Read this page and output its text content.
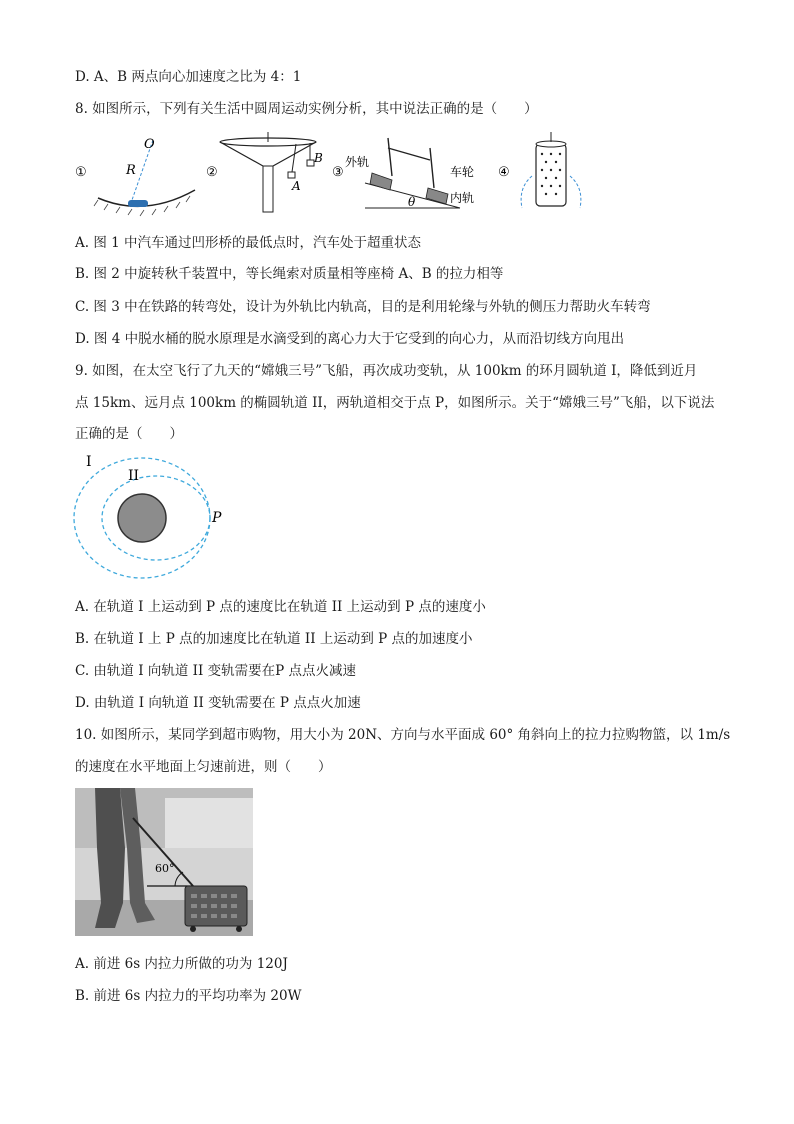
D. A、B 两点向心加速度之比为 4：1
8. 如图所示，下列有关生活中圆周运动实例分析，其中说法正确的是（　　）
①
O
R	②
A
B
③
θ
外轨
车轮
内轨
④
A. 图 1 中汽车通过凹形桥的最低点时，汽车处于超重状态
B. 图 2 中旋转秋千装置中，等长绳索对质量相等座椅 A、B 的拉力相等
C. 图 3 中在铁路的转弯处，设计为外轨比内轨高，目的是利用轮缘与外轨的侧压力帮助火车转弯
D. 图 4 中脱水桶的脱水原理是水滴受到的离心力大于它受到的向心力，从而沿切线方向甩出
9. 如图，在太空飞行了九天的“嫦娥三号”飞船，再次成功变轨，从 100km 的环月圆轨道 I，降低到近月
点 15km、远月点 100km 的椭圆轨道 II，两轨道相交于点 P，如图所示。关于“嫦娥三号”飞船，以下说法
正确的是（　　）
I
II
P
A. 在轨道 I 上运动到 P 点的速度比在轨道 II 上运动到 P 点的速度小
B. 在轨道 I 上 P 点的加速度比在轨道 II 上运动到 P 点的加速度小
C. 由轨道 I 向轨道 II 变轨需要在P 点点火减速
D. 由轨道 I 向轨道 II 变轨需要在 P 点点火加速
10. 如图所示，某同学到超市购物，用大小为 20N、方向与水平面成 60° 角斜向上的拉力拉购物篮，以 1m/s
的速度在水平地面上匀速前进，则（　　）
60°
A. 前进 6s 内拉力所做的功为 120J
B. 前进 6s 内拉力的平均功率为 20W
